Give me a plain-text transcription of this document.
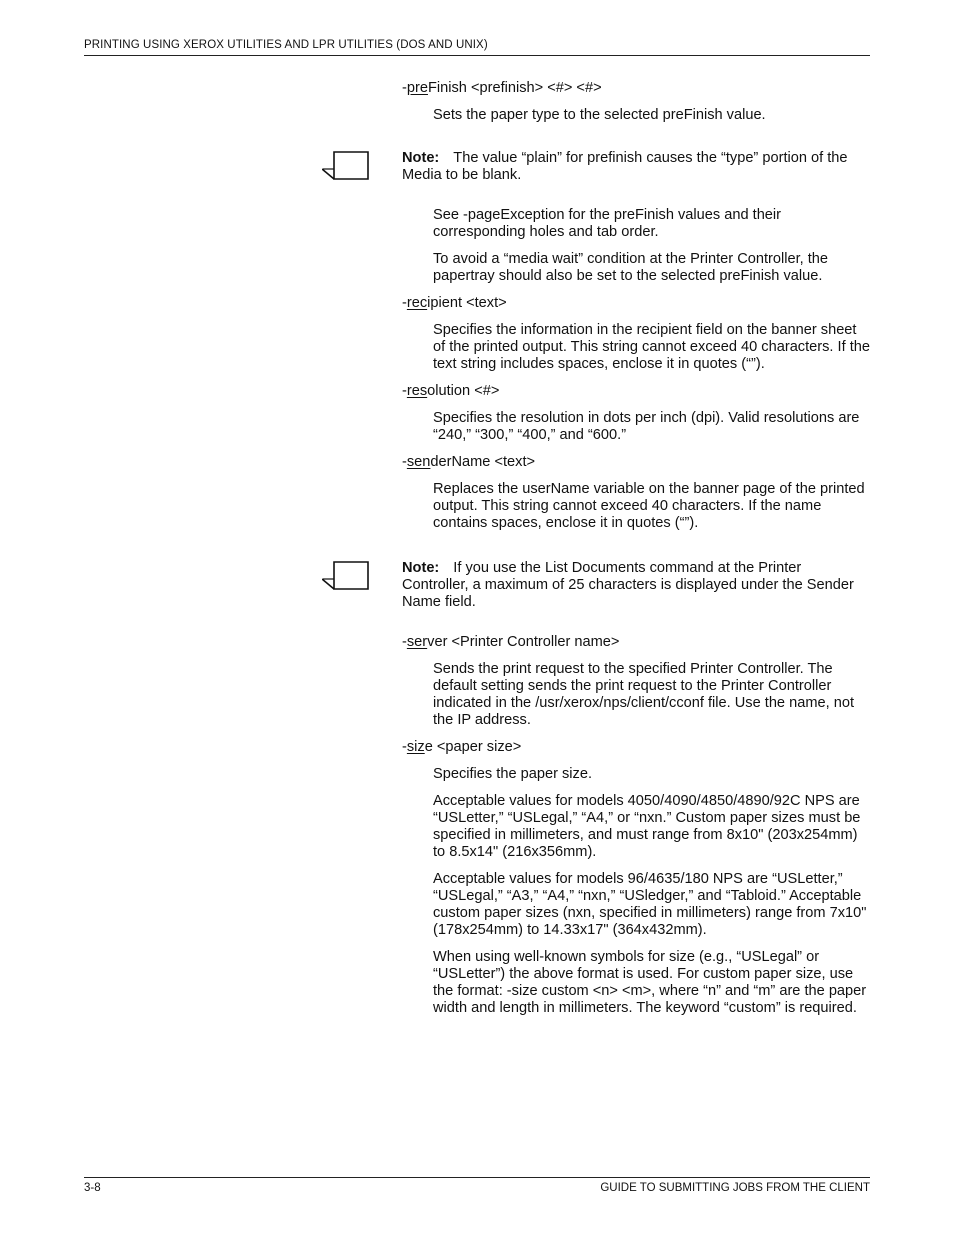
PRINTING USING XEROX UTILITIES AND LPR UTILITIES (DOS AND UNIX)

-preFinish <prefinish> <#> <#>

Sets the paper type to the selected preFinish value.

Note: The value “plain” for prefinish causes the “type” portion of the Media to be blank.

See -pageException for the preFinish values and their corresponding holes and tab order.

To avoid a “media wait” condition at the Printer Controller, the papertray should also be set to the selected preFinish value.

-recipient <text>

Specifies the information in the recipient field on the banner sheet of the printed output. This string cannot exceed 40 characters. If the text string includes spaces, enclose it in quotes (“”).

-resolution <#>

Specifies the resolution in dots per inch (dpi). Valid resolutions are “240,” “300,” “400,” and “600.”

-senderName <text>

Replaces the userName variable on the banner page of the printed output. This string cannot exceed 40 characters. If the name contains spaces, enclose it in quotes (“”).

Note: If you use the List Documents command at the Printer Controller, a maximum of 25 characters is displayed under the Sender Name field.

-server <Printer Controller name>

Sends the print request to the specified Printer Controller. The default setting sends the print request to the Printer Controller indicated in the /usr/xerox/nps/client/cconf file. Use the name, not the IP address.

-size <paper size>

Specifies the paper size.

Acceptable values for models 4050/4090/4850/4890/92C NPS are “USLetter,” “USLegal,” “A4,” or “nxn.” Custom paper sizes must be specified in millimeters, and must range from 8x10" (203x254mm) to 8.5x14" (216x356mm).

Acceptable values for models 96/4635/180 NPS are “USLetter,” “USLegal,” “A3,” “A4,” “nxn,” “USledger,” and “Tabloid.” Acceptable custom paper sizes (nxn, specified in millimeters) range from 7x10" (178x254mm) to 14.33x17" (364x432mm).

When using well-known symbols for size (e.g., “USLegal” or “USLetter”) the above format is used. For custom paper size, use the format: -size custom <n> <m>, where “n” and “m” are the paper width and length in millimeters. The keyword “custom” is required.

3-8	GUIDE TO SUBMITTING JOBS FROM THE CLIENT
